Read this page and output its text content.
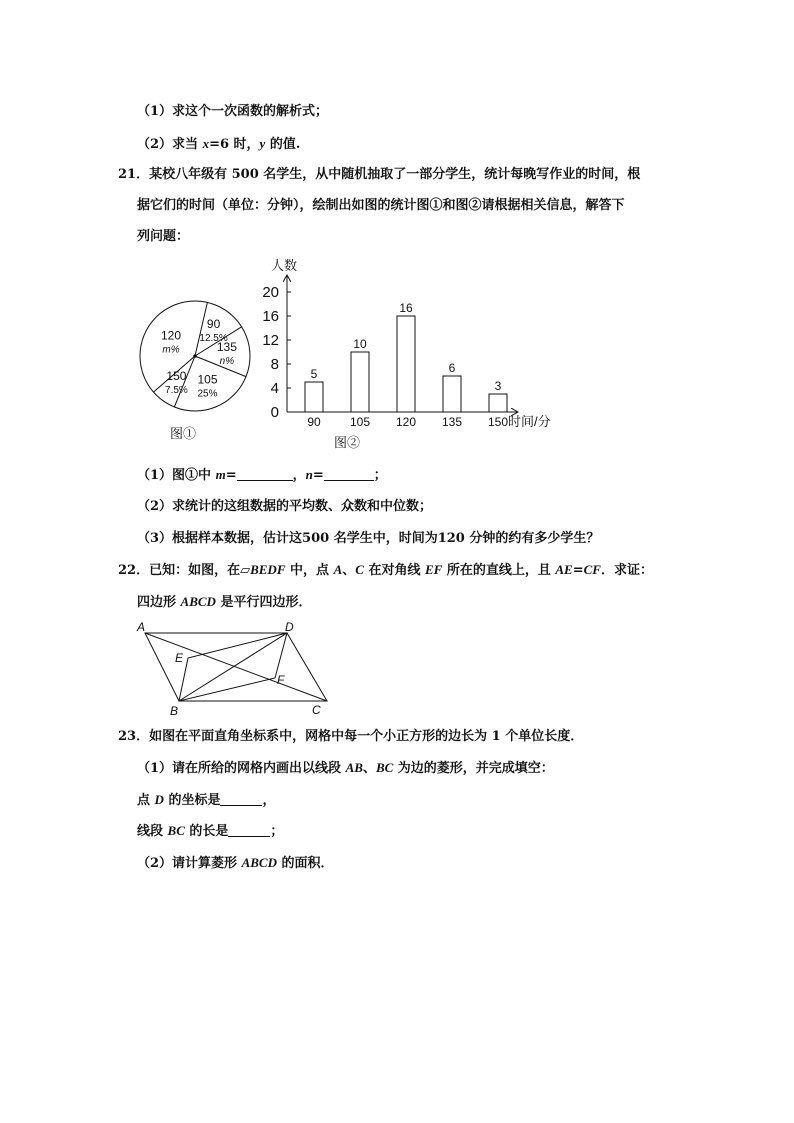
（1）求这个一次函数的解析式；
（2）求当 x=6 时，y 的值.
21．某校八年级有 500 名学生，从中随机抽取了一部分学生，统计每晚写作业的时间，根
据它们的时间（单位：分钟），绘制出如图的统计图①和图②请根据相关信息，解答下
列问题：
90
12.5%
135
n%
105
25%
150
7.5%
120
m%
图①
人数
时间/分
0
4
8
12
16
20
5
90
10
105
16
120
6
135
3
150
图②
（1）图①中 m=	，n=	；
（2）求统计的这组数据的平均数、众数和中位数；
（3）根据样本数据，估计这500 名学生中，时间为120 分钟的约有多少学生？
22．已知：如图，在▱BEDF 中，点 A、C 在对角线 EF 所在的直线上，且 AE=CF．求证：
四边形 ABCD 是平行四边形．
A	D
E
F
B	C
23．如图在平面直角坐标系中，网格中每一个小正方形的边长为 1 个单位长度．
（1）请在所给的网格内画出以线段 AB、BC 为边的菱形，并完成填空：
点 D 的坐标是	，
线段 BC 的长是	；
（2）请计算菱形 ABCD 的面积．
